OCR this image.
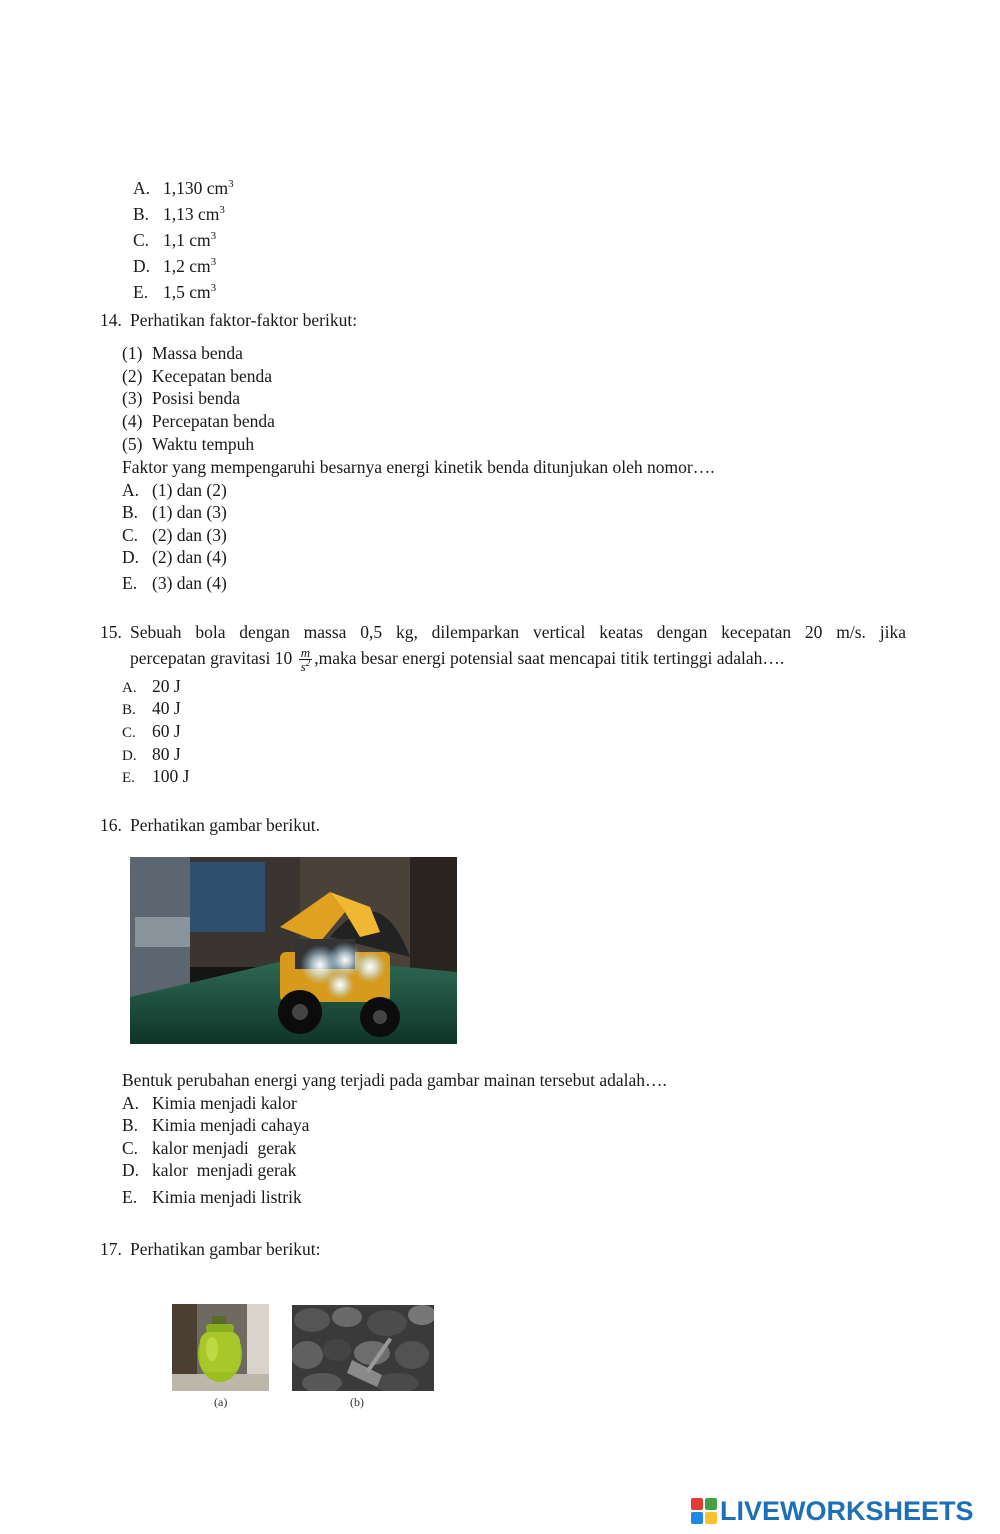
A. 1,130 $cm^3$
B. 1,13 $cm^3$
C. 1,1 $cm^3$
D. 1,2 $cm^3$
E. 1,5 $cm^3$
14. Perhatikan faktor-faktor berikut:
(1) Massa benda
(2) Kecepatan benda
(3) Posisi benda
(4) Percepatan benda
(5) Waktu tempuh
Faktor yang mempengaruhi besarnya energi kinetik benda ditunjukan oleh nomor….
A. (1) dan (2)
B. (1) dan (3)
C. (2) dan (3)
D. (2) dan (4)
E. (3) dan (4)
15. Sebuah bola dengan massa 0,5 kg, dilemparkan vertical keatas dengan kecepatan 20 m/s. jika
percepatan gravitasi $10 \frac{m}{s^2}$ ,maka besar energi potensial saat mencapai titik tertinggi adalah….
A. 20 J
B. 40 J
C. 60 J
D. 80 J
E. 100 J
16. Perhatikan gambar berikut.
Bentuk perubahan energi yang terjadi pada gambar mainan tersebut adalah….
A. Kimia menjadi kalor
B. Kimia menjadi cahaya
C. kalor menjadi  gerak
D. kalor  menjadi gerak
E. Kimia menjadi listrik
17. Perhatikan gambar berikut:
(a)	(b)
LIVEWORKSHEETS
